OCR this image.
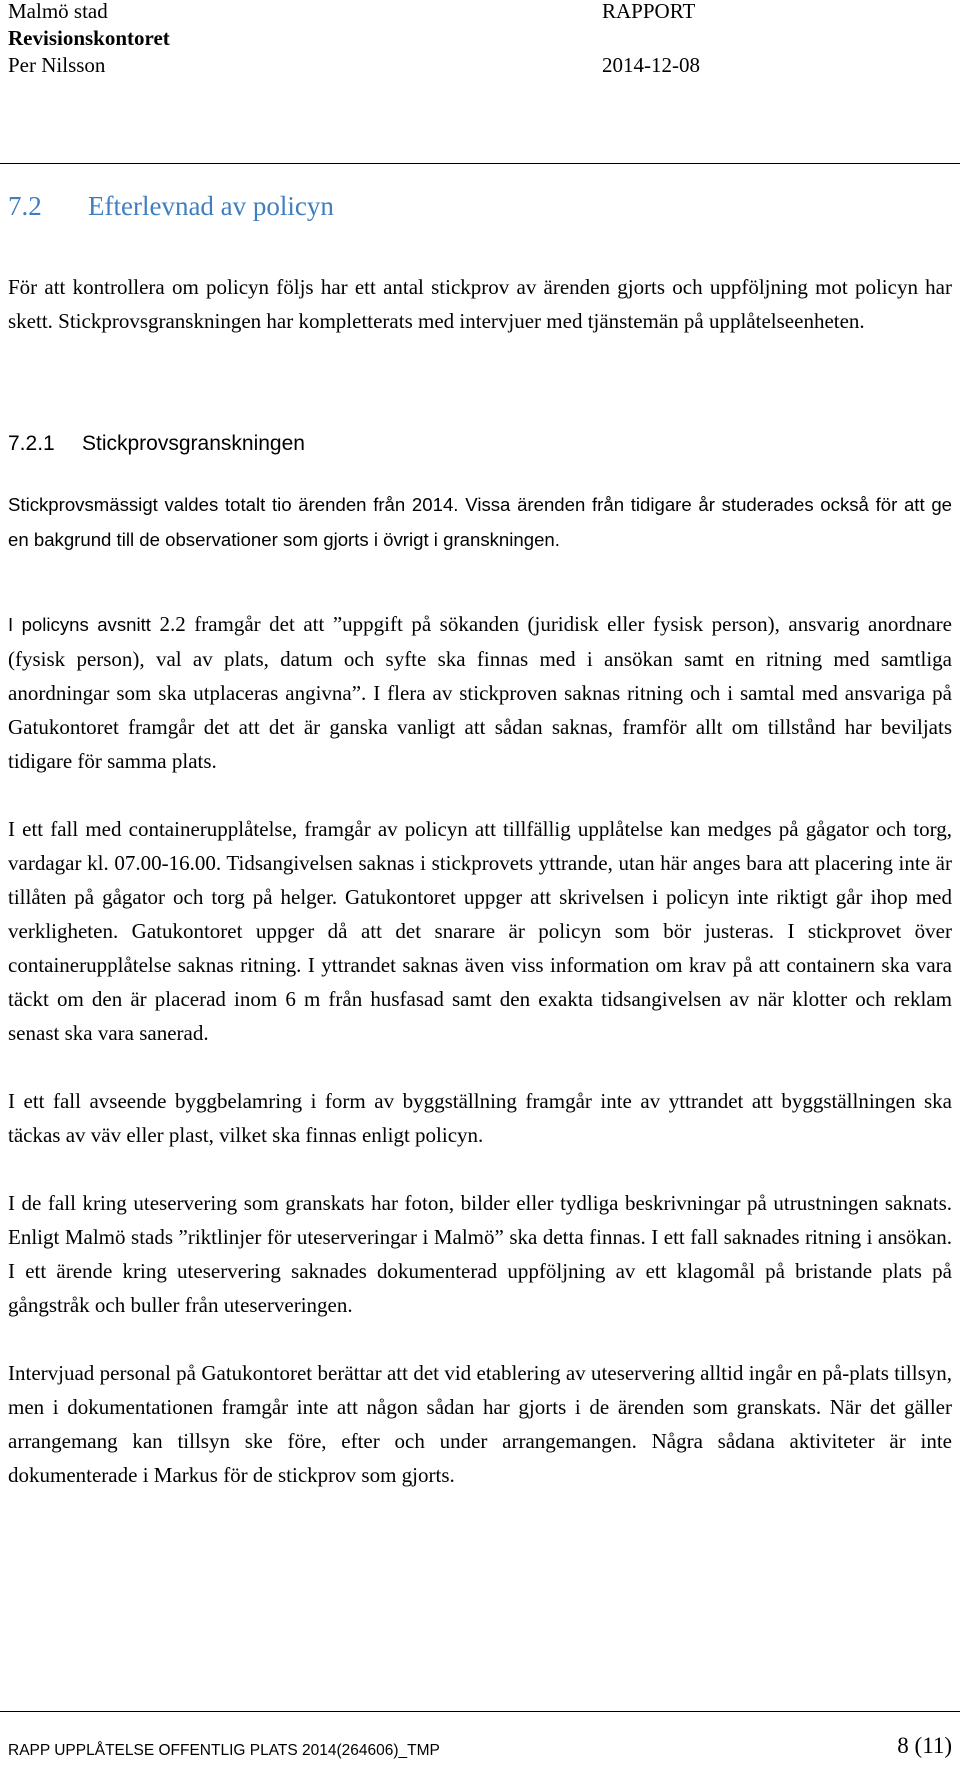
Malmö stad
Revisionskontoret
Per Nilsson
RAPPORT

2014-12-08
7.2 Efterlevnad av policyn

För att kontrollera om policyn följs har ett antal stickprov av ärenden gjorts och uppföljning mot policyn har skett. Stickprovsgranskningen har kompletterats med intervjuer med tjänstemän på upplåtelseenheten.

7.2.1 Stickprovsgranskningen
Stickprovsmässigt valdes totalt tio ärenden från 2014. Vissa ärenden från tidigare år studerades också för att ge en bakgrund till de observationer som gjorts i övrigt i granskningen.

I policyns avsnitt 2.2 framgår det att ”uppgift på sökanden (juridisk eller fysisk person), ansvarig anordnare (fysisk person), val av plats, datum och syfte ska finnas med i ansökan samt en ritning med samtliga anordningar som ska utplaceras angivna”. I flera av stickproven saknas ritning och i samtal med ansvariga på Gatukontoret framgår det att det är ganska vanligt att sådan saknas, framför allt om tillstånd har beviljats tidigare för samma plats.

I ett fall med containerupplåtelse, framgår av policyn att tillfällig upplåtelse kan medges på gågator och torg, vardagar kl. 07.00-16.00. Tidsangivelsen saknas i stickprovets yttrande, utan här anges bara att placering inte är tillåten på gågator och torg på helger. Gatukontoret uppger att skrivelsen i policyn inte riktigt går ihop med verkligheten. Gatukontoret uppger då att det snarare är policyn som bör justeras. I stickprovet över containerupplåtelse saknas ritning. I yttrandet saknas även viss information om krav på att containern ska vara täckt om den är placerad inom 6 m från husfasad samt den exakta tidsangivelsen av när klotter och reklam senast ska vara sanerad.

I ett fall avseende byggbelamring i form av byggställning framgår inte av yttrandet att byggställningen ska täckas av väv eller plast, vilket ska finnas enligt policyn.

I de fall kring uteservering som granskats har foton, bilder eller tydliga beskrivningar på utrustningen saknats. Enligt Malmö stads ”riktlinjer för uteserveringar i Malmö” ska detta finnas. I ett fall saknades ritning i ansökan. I ett ärende kring uteservering saknades dokumenterad uppföljning av ett klagomål på bristande plats på gångstråk och buller från uteserveringen.

Intervjuad personal på Gatukontoret berättar att det vid etablering av uteservering alltid ingår en på-plats tillsyn, men i dokumentationen framgår inte att någon sådan har gjorts i de ärenden som granskats. När det gäller arrangemang kan tillsyn ske före, efter och under arrangemangen. Några sådana aktiviteter är inte dokumenterade i Markus för de stickprov som gjorts.

RAPP UPPLÅTELSE OFFENTLIG PLATS 2014(264606)_TMP	8 (11)
